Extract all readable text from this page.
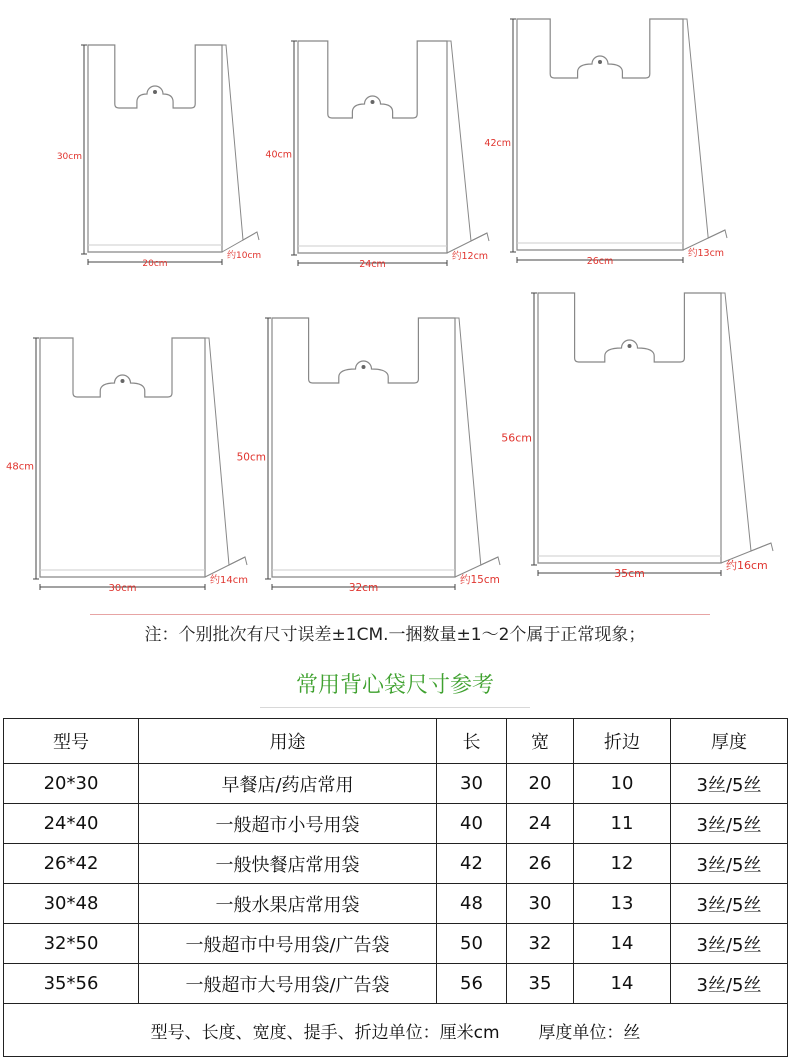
30cm
20cm
约10cm
40cm
24cm
约12cm
42cm
26cm
约13cm
48cm
30cm
约14cm
50cm
32cm
约15cm
56cm
35cm
约16cm
注：个别批次有尺寸误差±1CM.一捆数量±1～2个属于正常现象；
常用背心袋尺寸参考
型号	用途	长	宽	折边	厚度
20*30	早餐店/药店常用	30	20	10	3丝/5丝
24*40	一般超市小号用袋	40	24	11	3丝/5丝
26*42	一般快餐店常用袋	42	26	12	3丝/5丝
30*48	一般水果店常用袋	48	30	13	3丝/5丝
32*50	一般超市中号用袋/广告袋	50	32	14	3丝/5丝
35*56	一般超市大号用袋/广告袋	56	35	14	3丝/5丝
型号、长度、宽度、提手、折边单位：厘米cm 厚度单位：丝					
